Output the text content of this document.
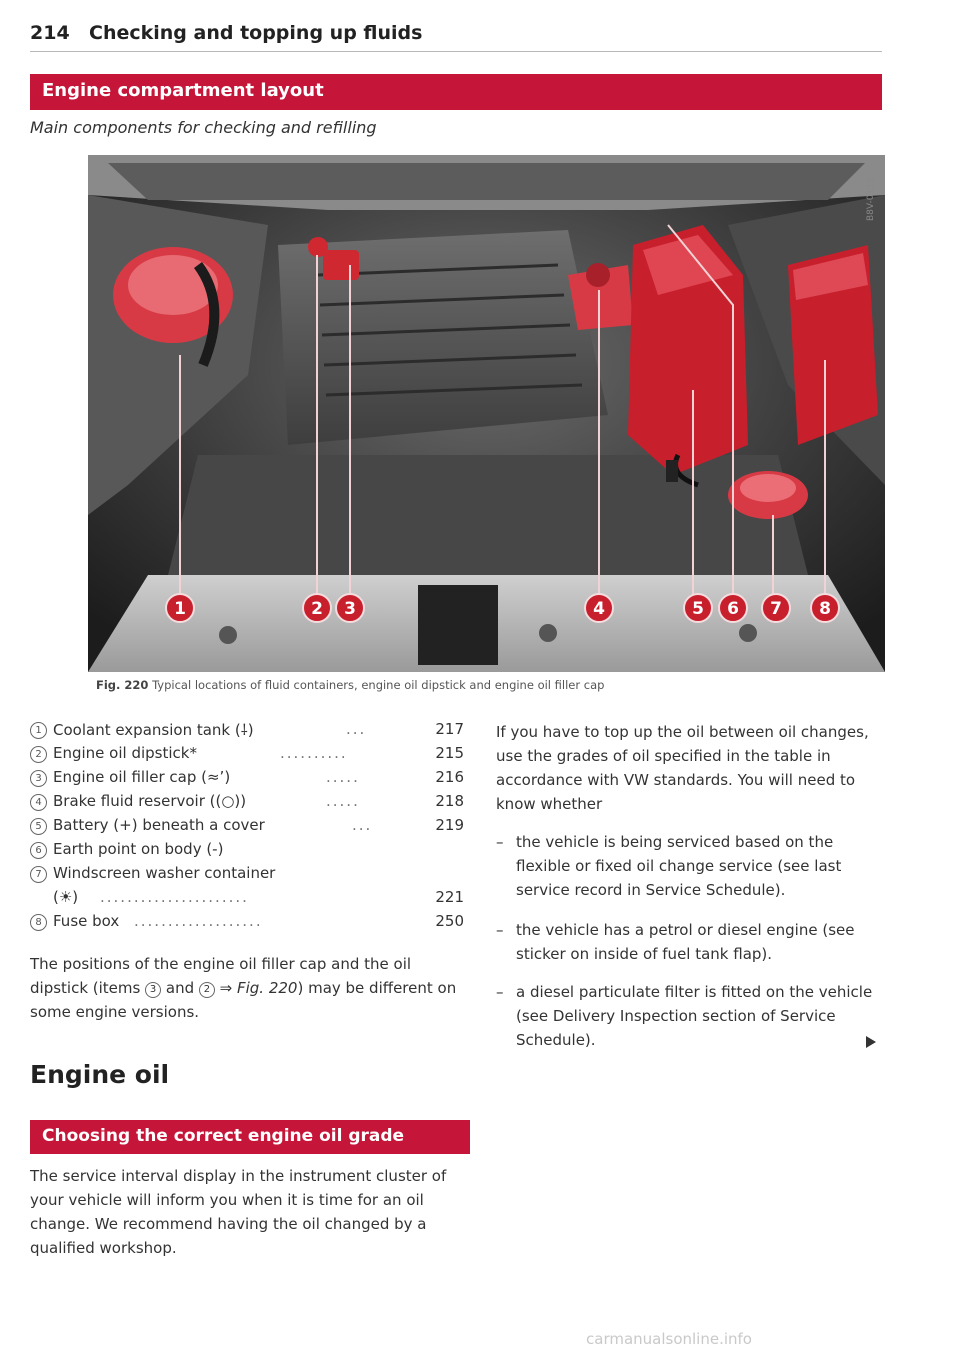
214 Checking and topping up fluids
Engine compartment layout
Main components for checking and refilling
1	2 3	4	5 6 7 8
B8V-0115
Fig. 220 Typical locations of fluid containers, engine oil dipstick and engine oil filler cap
1 Coolant expansion tank (⸸)	...	217
2 Engine oil dipstick*	..........	215
3 Engine oil filler cap (≈’)	.....	216
4 Brake fluid reservoir ((○))	.....	218
5 Battery (+) beneath a cover	...	219
6 Earth point on body (-)
7 Windscreen washer container
(☀) ......................	221
8 Fuse box ...................	250
The positions of the engine oil filler cap and the oil dipstick (items 3 and 2 ⇒ Fig. 220) may be different on some engine versions.
Engine oil
Choosing the correct engine oil grade
The service interval display in the instrument cluster of your vehicle will inform you when it is time for an oil change. We recommend having the oil changed by a qualified workshop.
If you have to top up the oil between oil changes, use the grades of oil specified in the table in accordance with VW standards. You will need to know whether
– the vehicle is being serviced based on the flexible or fixed oil change service (see last service record in Service Schedule).
– the vehicle has a petrol or diesel engine (see sticker on inside of fuel tank flap).
– a diesel particulate filter is fitted on the vehicle (see Delivery Inspection section of Service Schedule).
carmanualsonline.info
